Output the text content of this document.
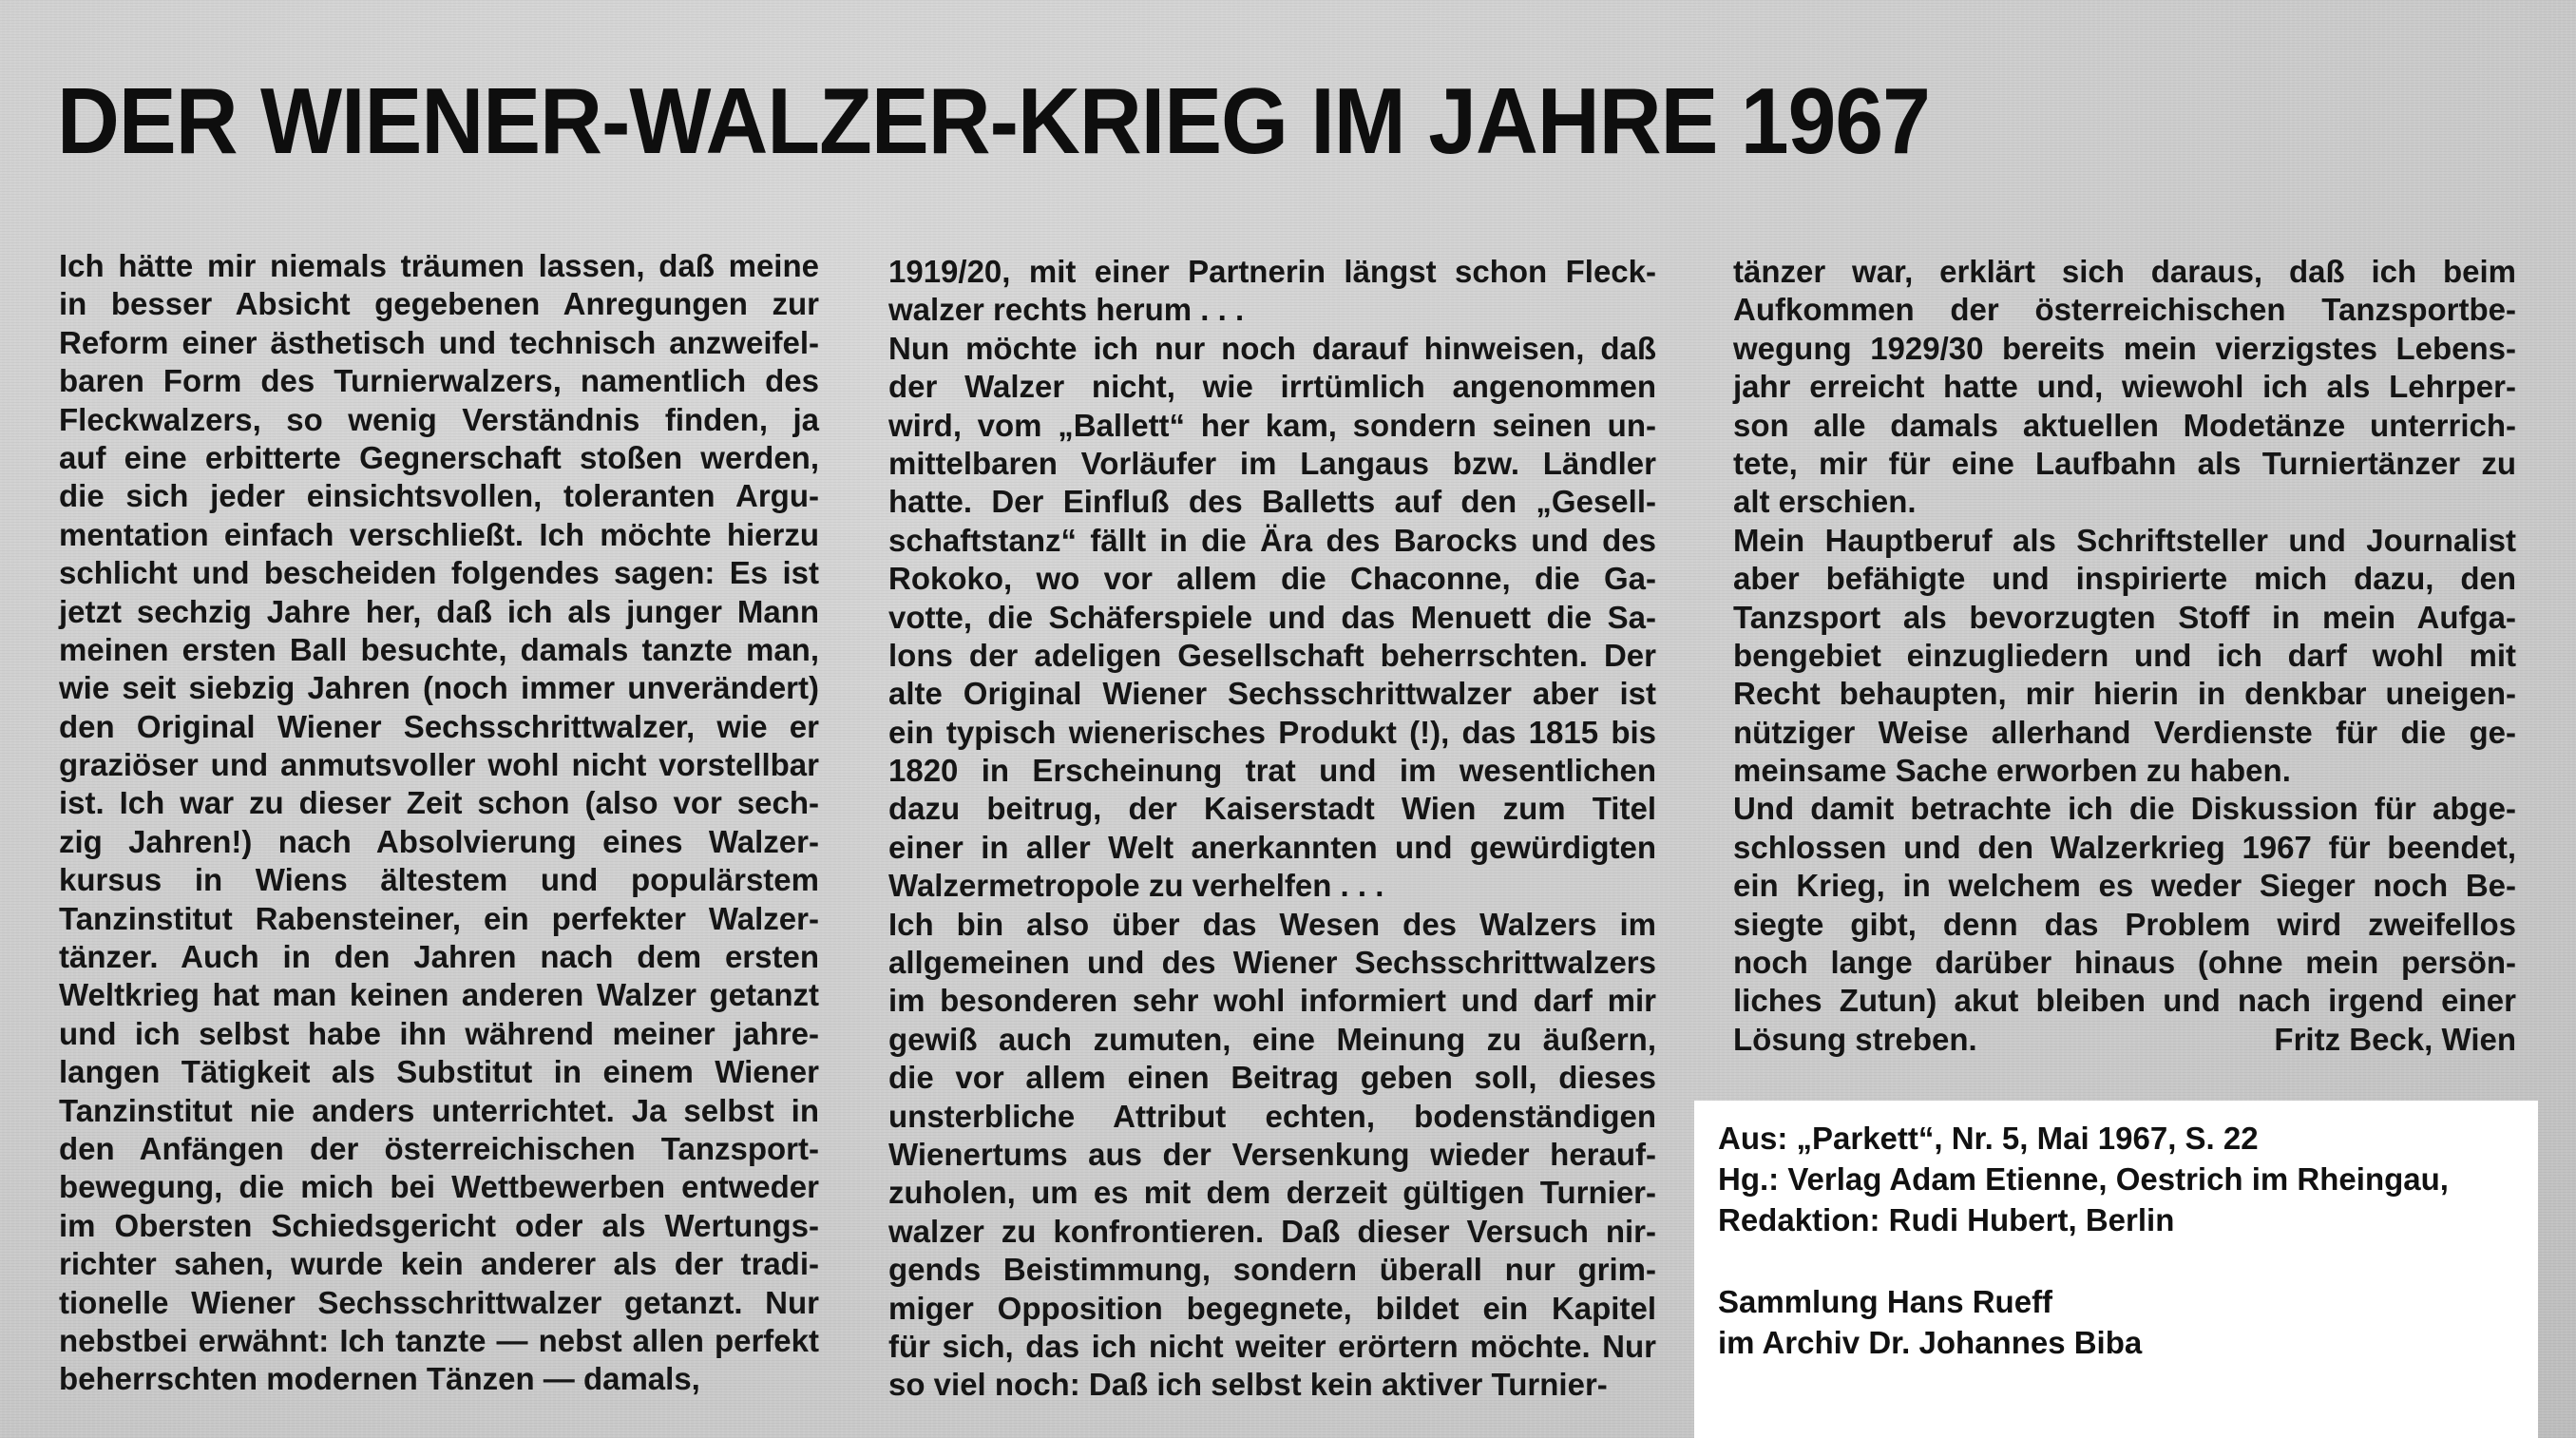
DER WIENER-WALZER-KRIEG IM JAHRE 1967
Ich hätte mir niemals träumen lassen, daß meine
in besser Absicht gegebenen Anregungen zur
Reform einer ästhetisch und technisch anzweifel-
baren Form des Turnierwalzers, namentlich des
Fleckwalzers, so wenig Verständnis finden, ja
auf eine erbitterte Gegnerschaft stoßen werden,
die sich jeder einsichtsvollen, toleranten Argu-
mentation einfach verschließt. Ich möchte hierzu
schlicht und bescheiden folgendes sagen: Es ist
jetzt sechzig Jahre her, daß ich als junger Mann
meinen ersten Ball besuchte, damals tanzte man,
wie seit siebzig Jahren (noch immer unverändert)
den Original Wiener Sechsschrittwalzer, wie er
graziöser und anmutsvoller wohl nicht vorstellbar
ist. Ich war zu dieser Zeit schon (also vor sech-
zig Jahren!) nach Absolvierung eines Walzer-
kursus in Wiens ältestem und populärstem
Tanzinstitut Rabensteiner, ein perfekter Walzer-
tänzer. Auch in den Jahren nach dem ersten
Weltkrieg hat man keinen anderen Walzer getanzt
und ich selbst habe ihn während meiner jahre-
langen Tätigkeit als Substitut in einem Wiener
Tanzinstitut nie anders unterrichtet. Ja selbst in
den Anfängen der österreichischen Tanzsport-
bewegung, die mich bei Wettbewerben entweder
im Obersten Schiedsgericht oder als Wertungs-
richter sahen, wurde kein anderer als der tradi-
tionelle Wiener Sechsschrittwalzer getanzt. Nur
nebstbei erwähnt: Ich tanzte — nebst allen perfekt
beherrschten modernen Tänzen — damals,
1919/20, mit einer Partnerin längst schon Fleck-
walzer rechts herum . . .
Nun möchte ich nur noch darauf hinweisen, daß
der Walzer nicht, wie irrtümlich angenommen
wird, vom „Ballett“ her kam, sondern seinen un-
mittelbaren Vorläufer im Langaus bzw. Ländler
hatte. Der Einfluß des Balletts auf den „Gesell-
schaftstanz“ fällt in die Ära des Barocks und des
Rokoko, wo vor allem die Chaconne, die Ga-
votte, die Schäferspiele und das Menuett die Sa-
lons der adeligen Gesellschaft beherrschten. Der
alte Original Wiener Sechsschrittwalzer aber ist
ein typisch wienerisches Produkt (!), das 1815 bis
1820 in Erscheinung trat und im wesentlichen
dazu beitrug, der Kaiserstadt Wien zum Titel
einer in aller Welt anerkannten und gewürdigten
Walzermetropole zu verhelfen . . .
Ich bin also über das Wesen des Walzers im
allgemeinen und des Wiener Sechsschrittwalzers
im besonderen sehr wohl informiert und darf mir
gewiß auch zumuten, eine Meinung zu äußern,
die vor allem einen Beitrag geben soll, dieses
unsterbliche Attribut echten, bodenständigen
Wienertums aus der Versenkung wieder herauf-
zuholen, um es mit dem derzeit gültigen Turnier-
walzer zu konfrontieren. Daß dieser Versuch nir-
gends Beistimmung, sondern überall nur grim-
miger Opposition begegnete, bildet ein Kapitel
für sich, das ich nicht weiter erörtern möchte. Nur
so viel noch: Daß ich selbst kein aktiver Turnier-
tänzer war, erklärt sich daraus, daß ich beim
Aufkommen der österreichischen Tanzsportbe-
wegung 1929/30 bereits mein vierzigstes Lebens-
jahr erreicht hatte und, wiewohl ich als Lehrper-
son alle damals aktuellen Modetänze unterrich-
tete, mir für eine Laufbahn als Turniertänzer zu
alt erschien.
Mein Hauptberuf als Schriftsteller und Journalist
aber befähigte und inspirierte mich dazu, den
Tanzsport als bevorzugten Stoff in mein Aufga-
bengebiet einzugliedern und ich darf wohl mit
Recht behaupten, mir hierin in denkbar uneigen-
nütziger Weise allerhand Verdienste für die ge-
meinsame Sache erworben zu haben.
Und damit betrachte ich die Diskussion für abge-
schlossen und den Walzerkrieg 1967 für beendet,
ein Krieg, in welchem es weder Sieger noch Be-
siegte gibt, denn das Problem wird zweifellos
noch lange darüber hinaus (ohne mein persön-
liches Zutun) akut bleiben und nach irgend einer
Lösung streben.	Fritz Beck, Wien
Aus: „Parkett“, Nr. 5, Mai 1967, S. 22
Hg.: Verlag Adam Etienne, Oestrich im Rheingau,
Redaktion: Rudi Hubert, Berlin
Sammlung Hans Rueff
im Archiv Dr. Johannes Biba
